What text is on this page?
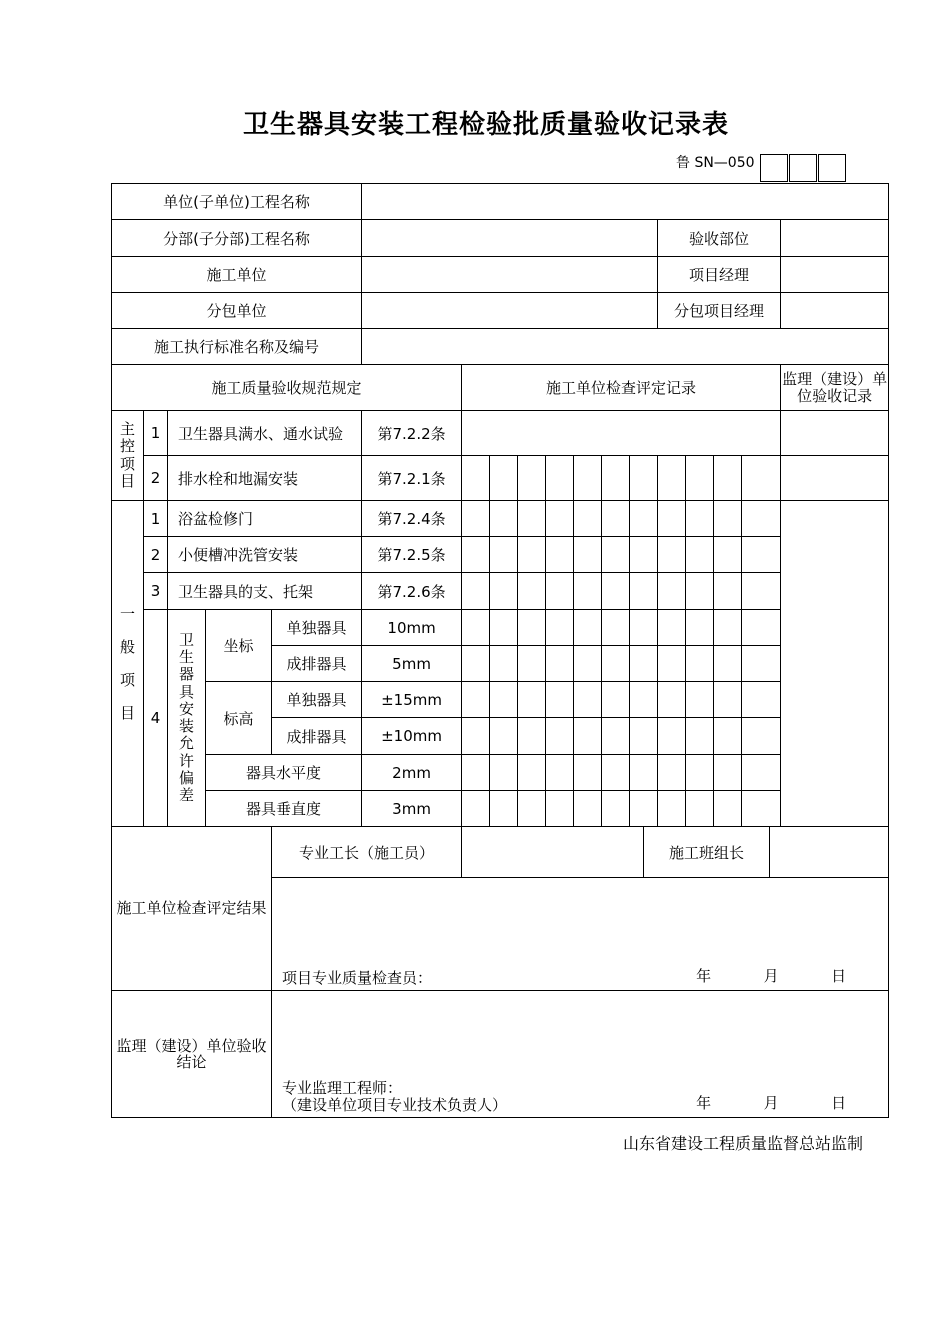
卫生器具安装工程检验批质量验收记录表
鲁 SN—050
单位(子单位)工程名称																			
分部(子分部)工程名称														验收部位					
施工单位														项目经理					
分包单位														分包项目经理					
施工执行标准名称及编号																			
施工质量验收规范规定						施工单位检查评定记录													监理（建设）单位验收记录

主控项目	1	卫生器具满水、通水试验			第7.2.2条														
	2	排水栓和地漏安装			第7.2.1条														

一般项目	1	浴盆检修门			第7.2.4条														
	2	小便槽冲洗管安装			第7.2.5条														
	3	卫生器具的支、托架			第7.2.6条														
	4	卫生器具安装允许偏差	坐标	单独器具	10mm														
				成排器具	5mm														
			标高	单独器具	±15mm														
				成排器具	±10mm														
			器具水平度		2mm														
			器具垂直度		3mm														
施工单位检查评定结果				专业工长（施工员）									施工班组长						

				项目专业质量检查员： 年 月 日															

监理（建设）单位验收结论				专业监理工程师：
（建设单位项目专业技术负责人） 年 月 日															
山东省建设工程质量监督总站监制
